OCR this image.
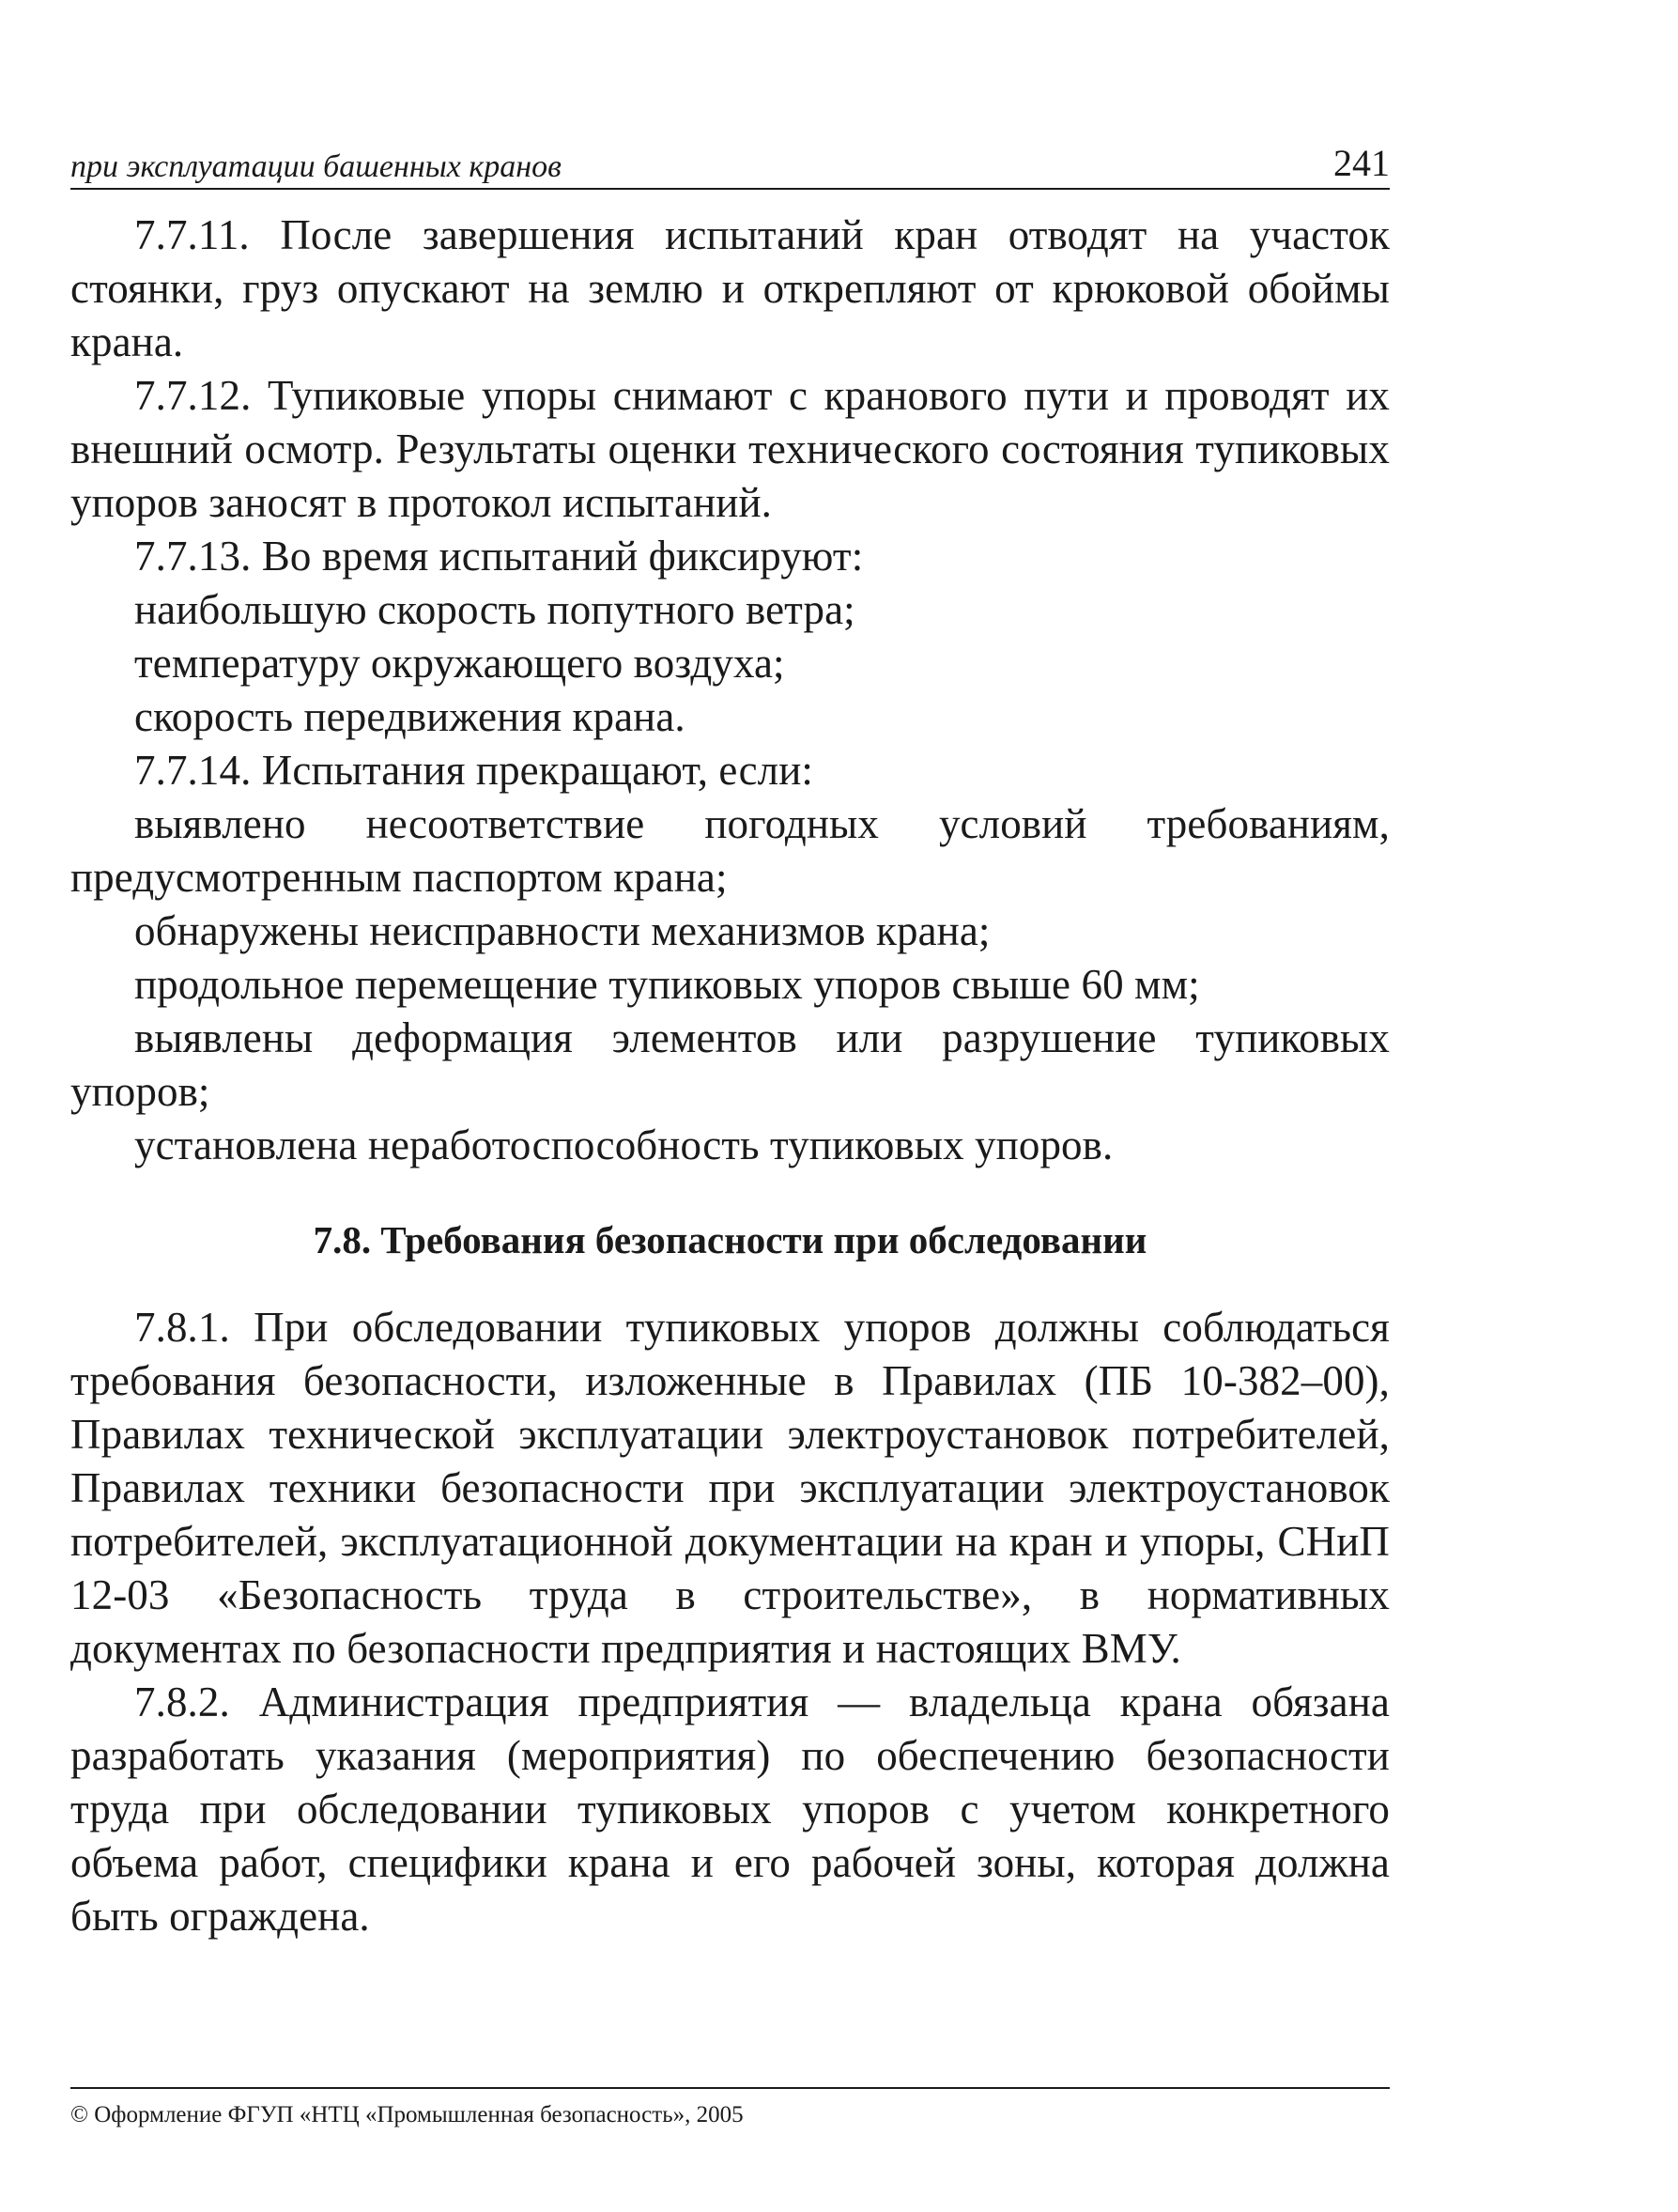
при эксплуатации башенных кранов	241

7.7.11. После завершения испытаний кран отводят на участок стоянки, груз опускают на землю и открепляют от крюковой обоймы крана.

7.7.12. Тупиковые упоры снимают с кранового пути и проводят их внешний осмотр. Результаты оценки технического состояния тупиковых упоров заносят в протокол испытаний.

7.7.13. Во время испытаний фиксируют:

наибольшую скорость попутного ветра;

температуру окружающего воздуха;

скорость передвижения крана.

7.7.14. Испытания прекращают, если:

выявлено несоответствие погодных условий требованиям, предусмотренным паспортом крана;

обнаружены неисправности механизмов крана;

продольное перемещение тупиковых упоров свыше 60 мм;

выявлены деформация элементов или разрушение тупиковых упоров;

установлена неработоспособность тупиковых упоров.

7.8. Требования безопасности при обследовании

7.8.1. При обследовании тупиковых упоров должны соблюдаться требования безопасности, изложенные в Правилах (ПБ 10-382–00), Правилах технической эксплуатации электроустановок потребителей, Правилах техники безопасности при эксплуатации электроустановок потребителей, эксплуатационной документации на кран и упоры, СНиП 12-03 «Безопасность труда в строительстве», в нормативных документах по безопасности предприятия и настоящих ВМУ.

7.8.2. Администрация предприятия — владельца крана обязана разработать указания (мероприятия) по обеспечению безопасности труда при обследовании тупиковых упоров с учетом конкретного объема работ, специфики крана и его рабочей зоны, которая должна быть ограждена.

© Оформление ФГУП «НТЦ «Промышленная безопасность», 2005
